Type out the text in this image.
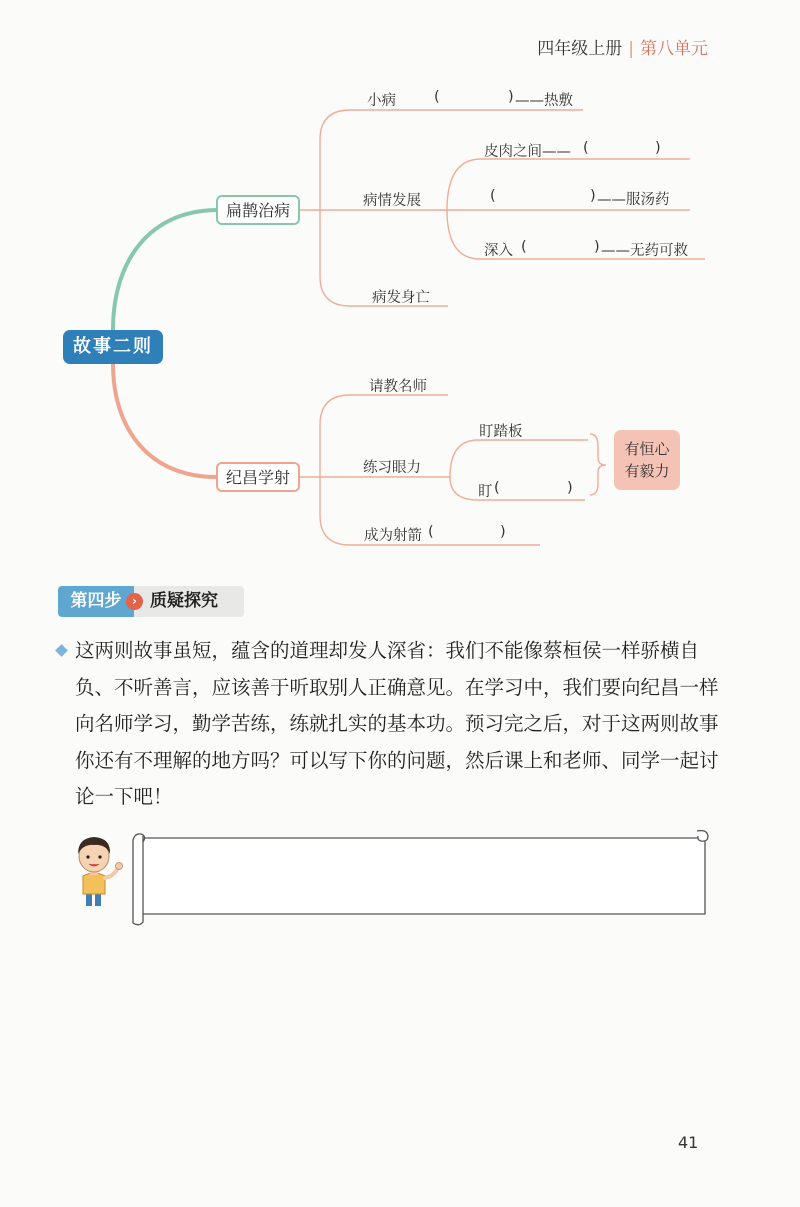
四年级上册 | 第八单元
故事二则
扁鹊治病
纪昌学射
小病	(	) ——热敷
病情发展
皮肉之间—— (	)
(	) ——服汤药
深入 (	) ——无药可救
病发身亡
请教名师
练习眼力
盯踏板
盯 (	)
成为射箭 (	)
有恒心
有毅力
第四步 › 质疑探究

这两则故事虽短，蕴含的道理却发人深省：我们不能像蔡桓侯一样骄横自负、不听善言，应该善于听取别人正确意见。在学习中，我们要向纪昌一样向名师学习，勤学苦练，练就扎实的基本功。预习完之后，对于这两则故事你还有不理解的地方吗？可以写下你的问题，然后课上和老师、同学一起讨论一下吧！

41
